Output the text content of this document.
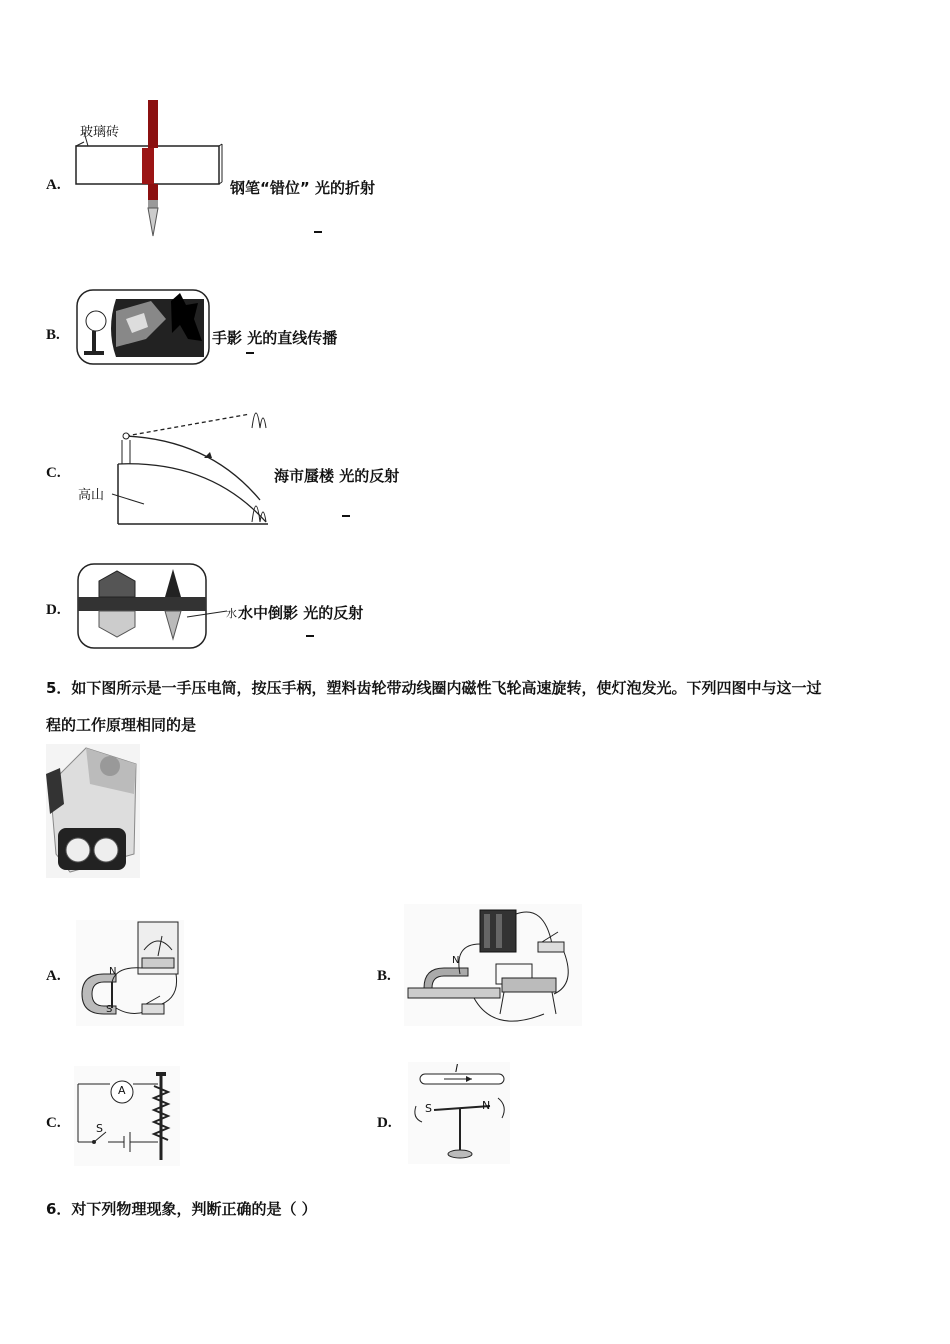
A.
玻璃砖
钢笔“错位” 光的折射
B.	手影 光的直线传播
C.
高山
海市蜃楼 光的反射
D.	水 水中倒影 光的反射
5．如下图所示是一手压电筒，按压手柄，塑料齿轮带动线圈内磁性飞轮高速旋转，使灯泡发光。下列四图中与这一过
程的工作原理相同的是
A.	N
S
B.
N
C.
A
S	D.
I
S	N
6．对下列物理现象，判断正确的是（ ）
